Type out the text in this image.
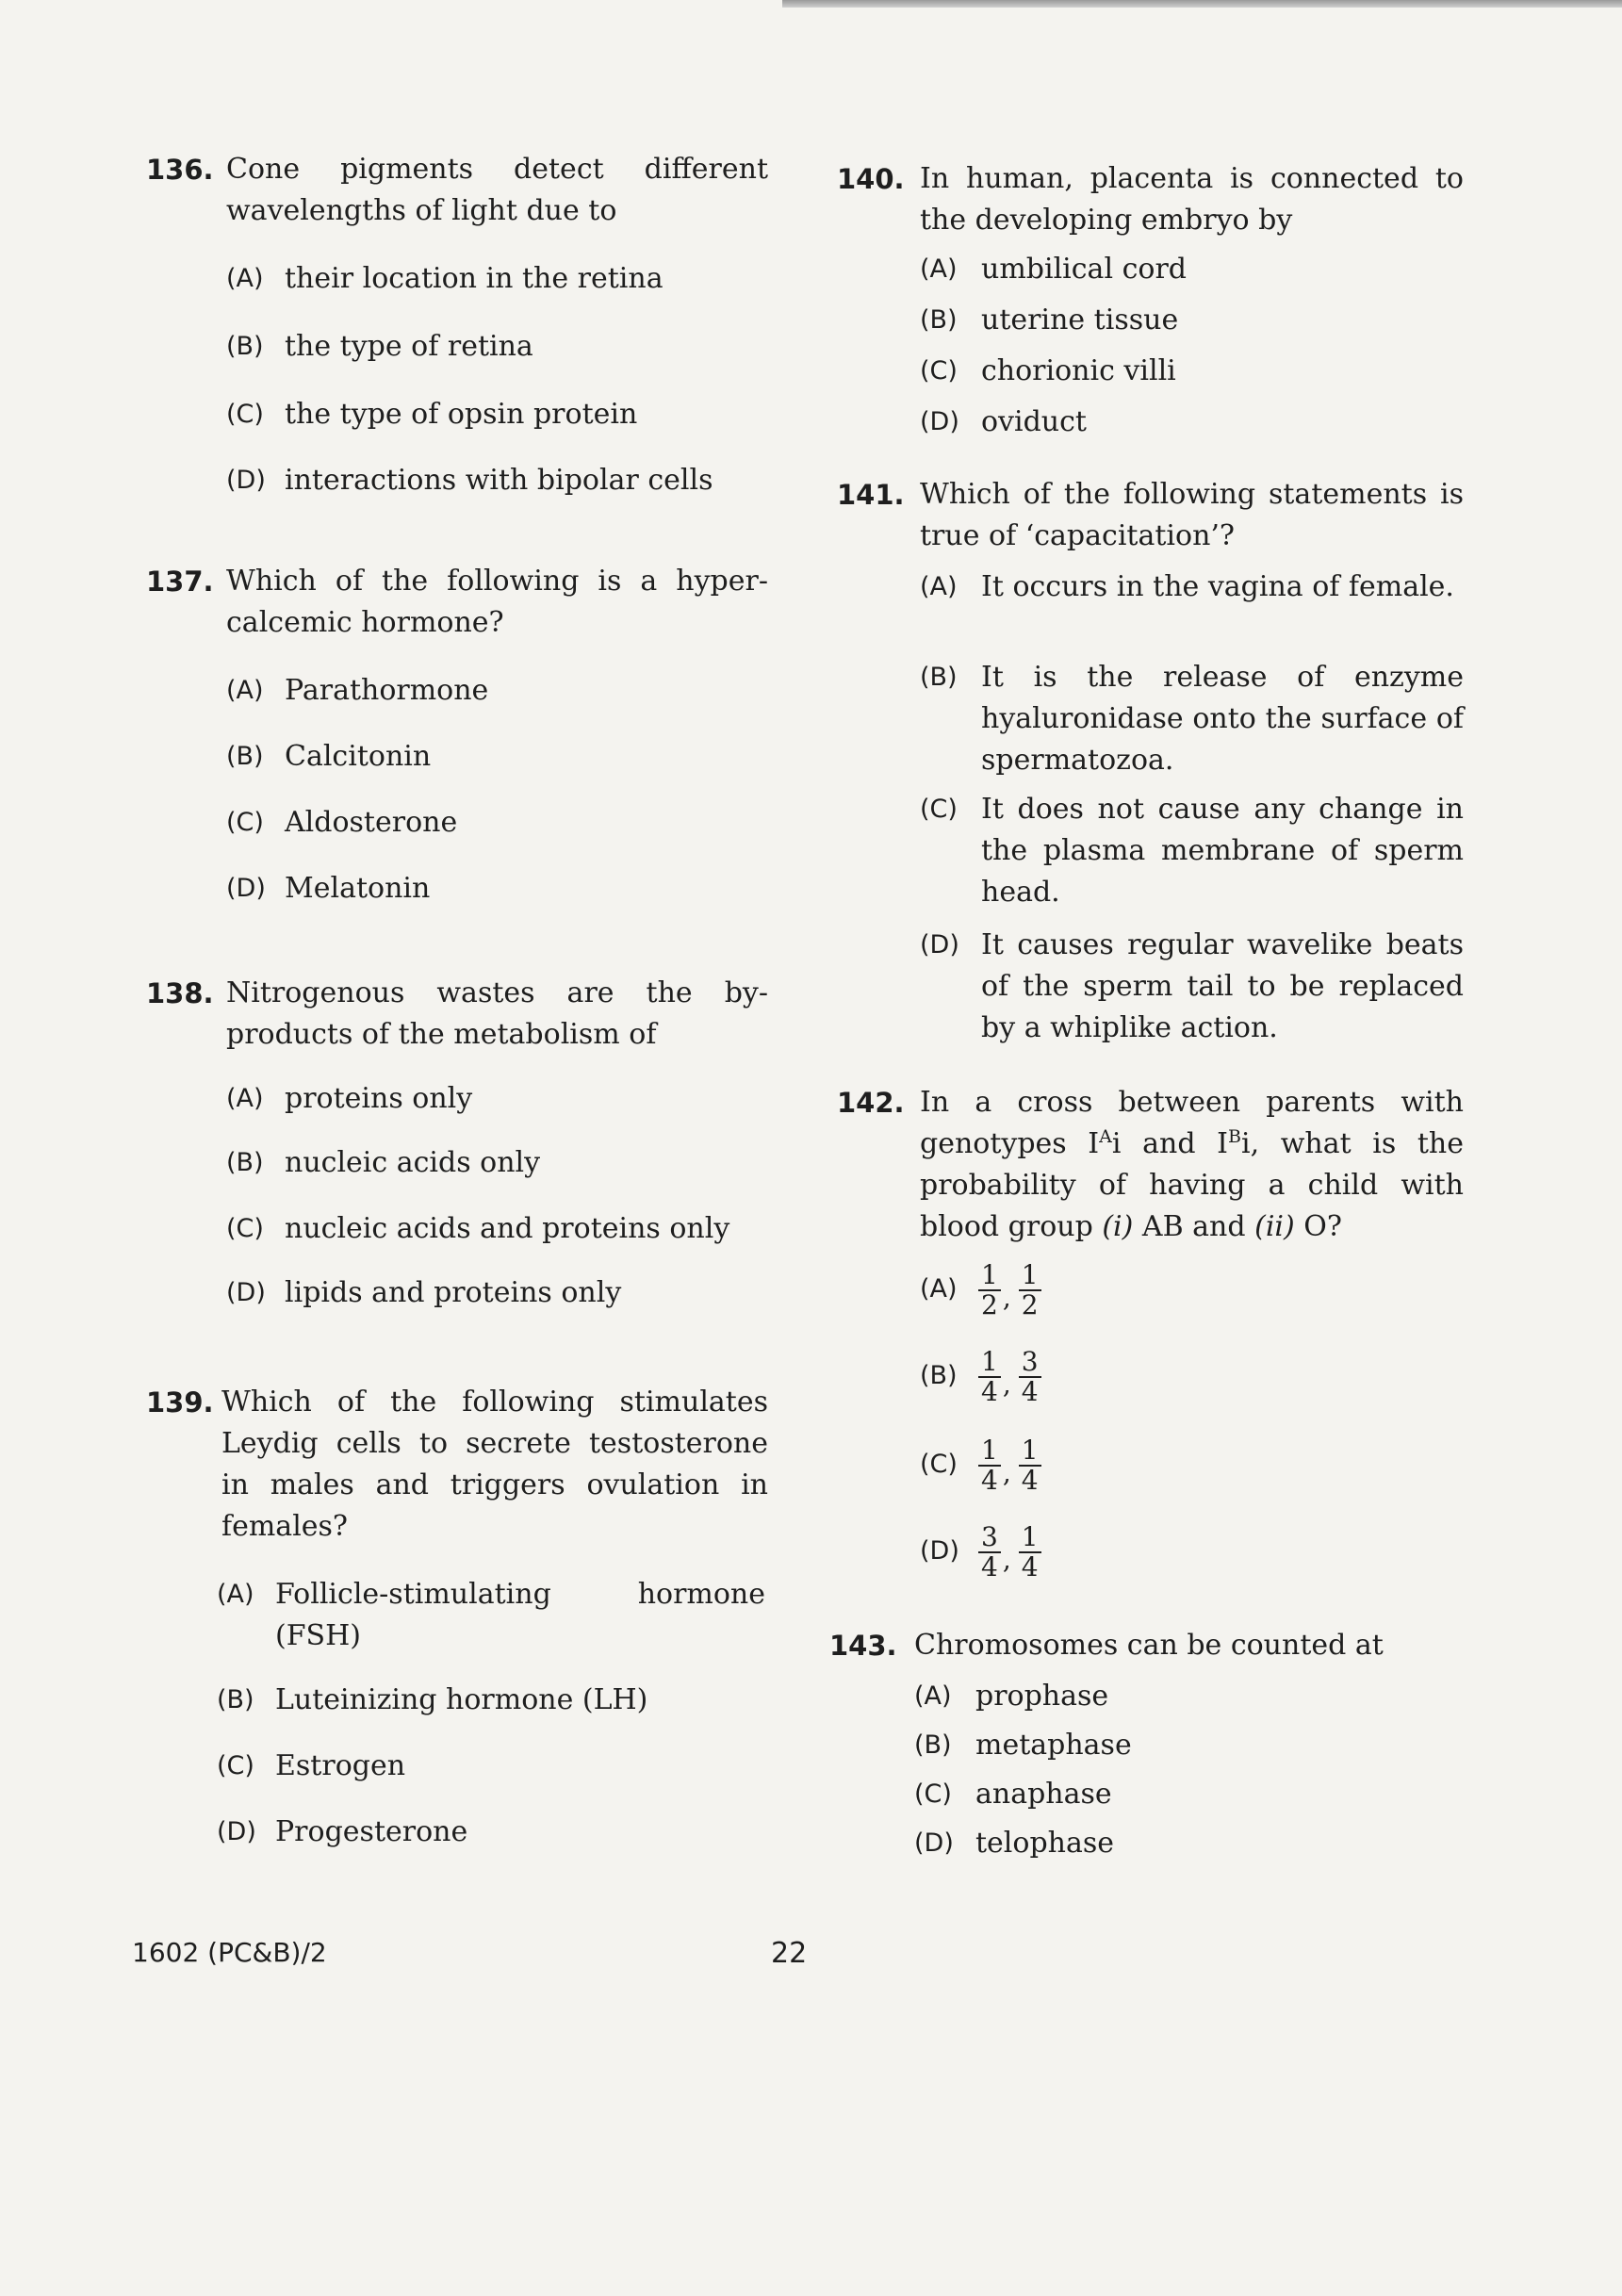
136. Cone pigments detect different wavelengths of light due to
(A) their location in the retina
(B) the type of retina
(C) the type of opsin protein
(D) interactions with bipolar cells
137. Which of the following is a hyper-calcemic hormone?
(A) Parathormone
(B) Calcitonin
(C) Aldosterone
(D) Melatonin
138. Nitrogenous wastes are the by-products of the metabolism of
(A) proteins only
(B) nucleic acids only
(C) nucleic acids and proteins only
(D) lipids and proteins only
139. Which of the following stimulates Leydig cells to secrete testosterone in males and triggers ovulation in females?
(A) Follicle-stimulating hormone (FSH)
(B) Luteinizing hormone (LH)
(C) Estrogen
(D) Progesterone
140. In human, placenta is connected to the developing embryo by
(A) umbilical cord
(B) uterine tissue
(C) chorionic villi
(D) oviduct
141. Which of the following statements is true of ‘capacitation’?
(A) It occurs in the vagina of female.
(B) It is the release of enzyme hyaluronidase onto the surface of spermatozoa.
(C) It does not cause any change in the plasma membrane of sperm head.
(D) It causes regular wavelike beats of the sperm tail to be replaced by a whiplike action.
142. In a cross between parents with genotypes $I^Ai$ and $I^Bi$, what is the probability of having a child with blood group (i) AB and (ii) O?
$(A) \frac{1}{2}$ , $\frac{1}{2}$
$(B) \frac{1}{4}$ , $\frac{3}{4}$
$(C) \frac{1}{4}$ , $\frac{1}{4}$
$(D) \frac{3}{4}$ , $\frac{1}{4}$
143. Chromosomes can be counted at
(A) prophase
(B) metaphase
(C) anaphase
(D) telophase
1602 (PC&B)/2	22
